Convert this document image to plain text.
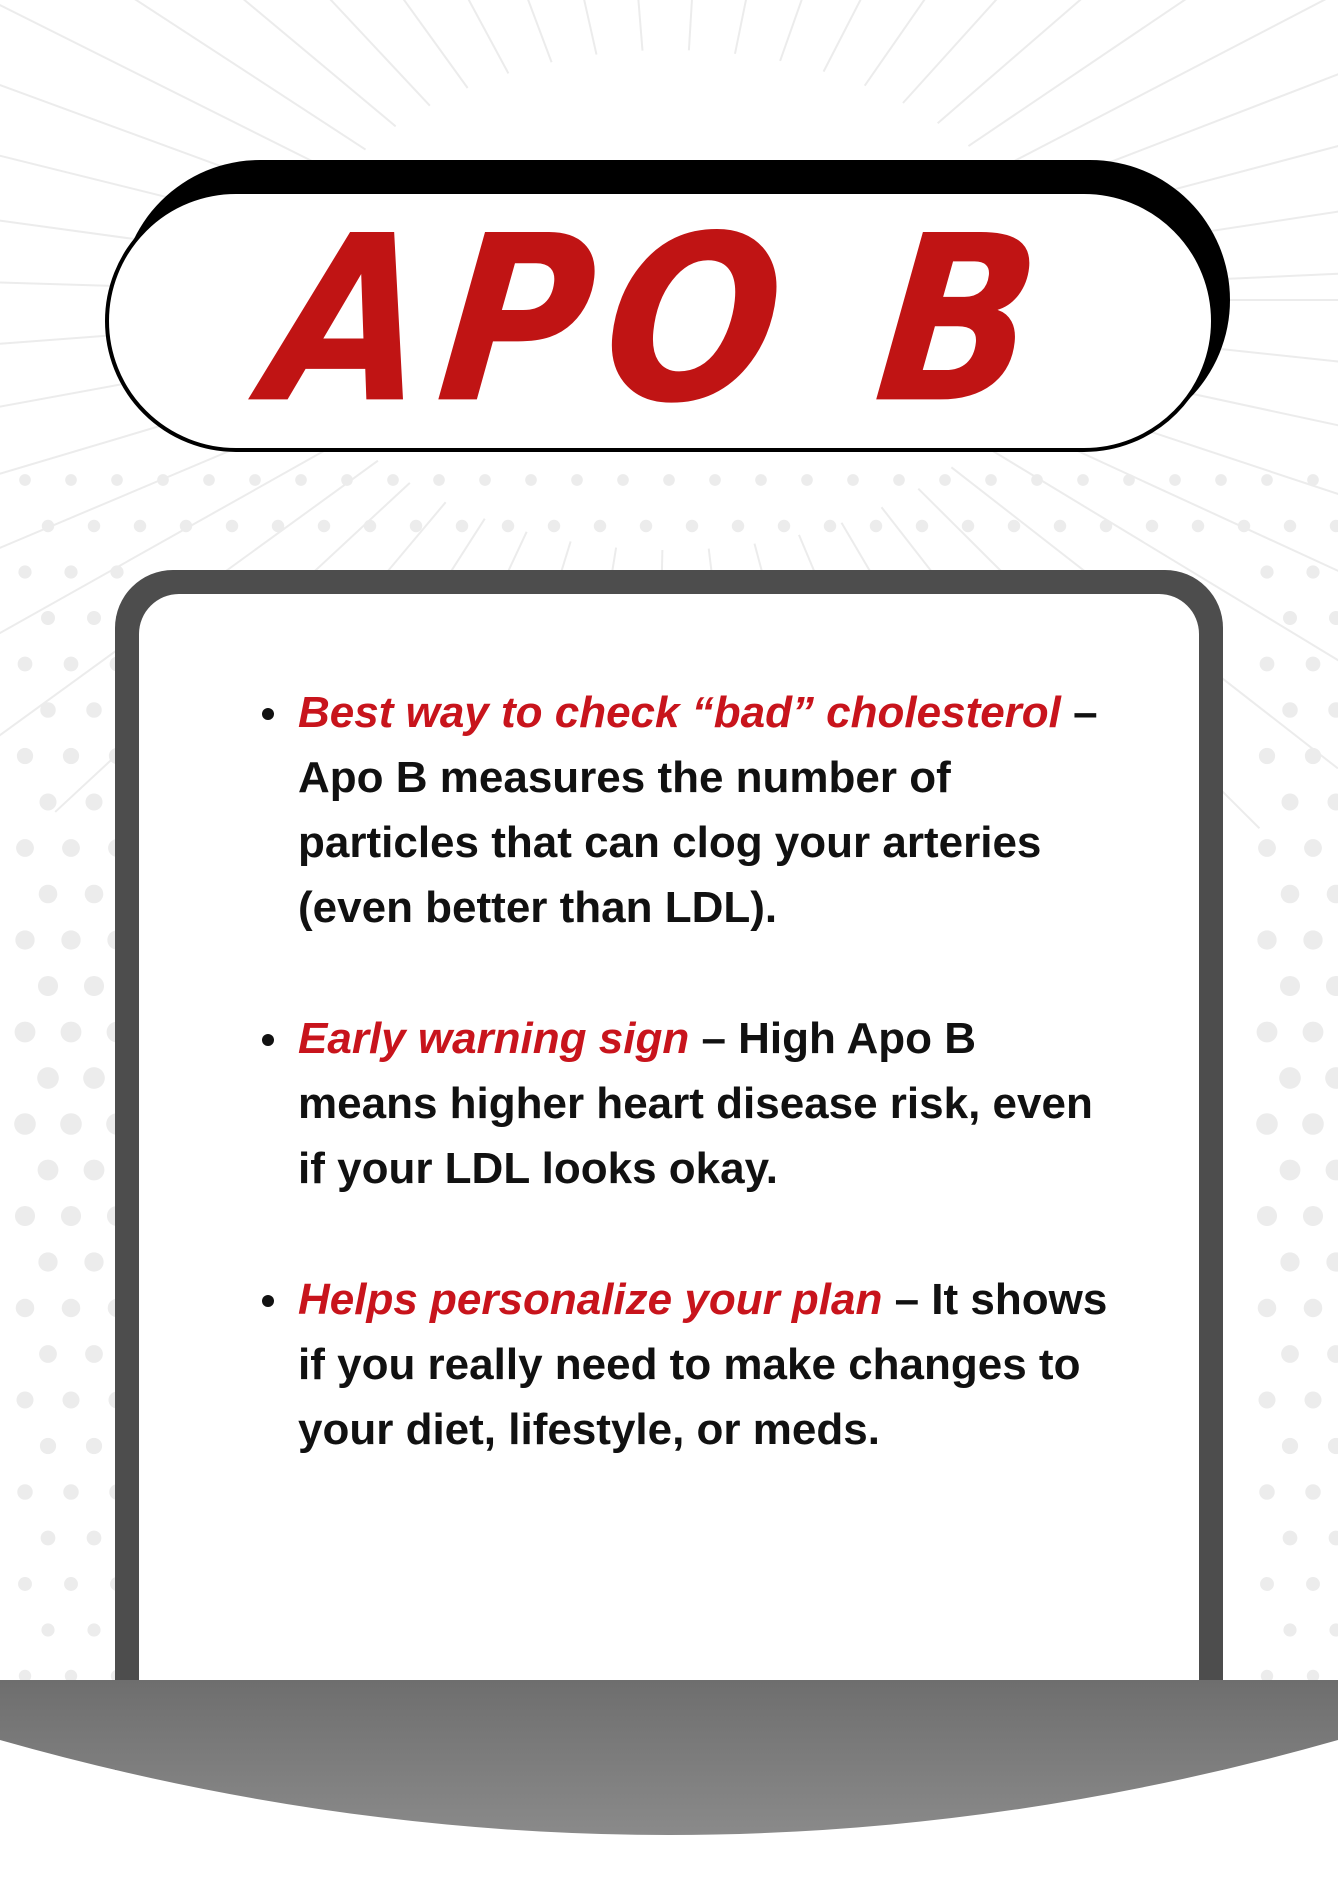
APO B
Best way to check “bad” cholesterol – Apo B measures the number of particles that can clog your arteries (even better than LDL).
Early warning sign – High Apo B means higher heart disease risk, even if your LDL looks okay.
Helps personalize your plan – It shows if you really need to make changes to your diet, lifestyle, or meds.
